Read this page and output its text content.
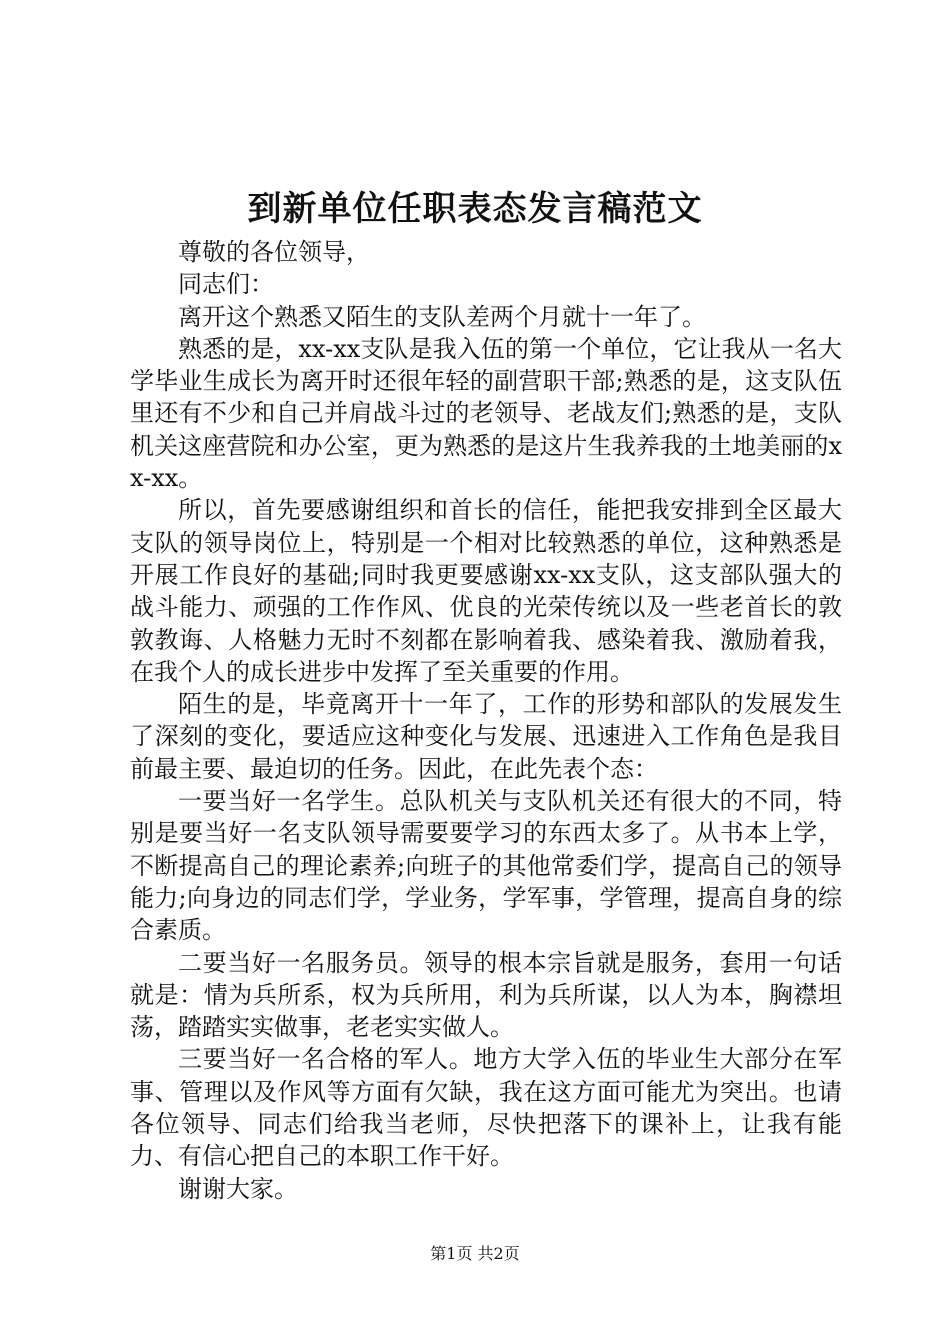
到新单位任职表态发言稿范文

尊敬的各位领导，

同志们：

离开这个熟悉又陌生的支队差两个月就十一年了。

熟悉的是，xx-xx支队是我入伍的第一个单位，它让我从一名大学毕业生成长为离开时还很年轻的副营职干部;熟悉的是，这支队伍里还有不少和自己并肩战斗过的老领导、老战友们;熟悉的是，支队机关这座营院和办公室，更为熟悉的是这片生我养我的土地美丽的xx-xx。

所以，首先要感谢组织和首长的信任，能把我安排到全区最大支队的领导岗位上，特别是一个相对比较熟悉的单位，这种熟悉是开展工作良好的基础;同时我更要感谢xx-xx支队，这支部队强大的战斗能力、顽强的工作作风、优良的光荣传统以及一些老首长的敦敦教诲、人格魅力无时不刻都在影响着我、感染着我、激励着我，在我个人的成长进步中发挥了至关重要的作用。

陌生的是，毕竟离开十一年了，工作的形势和部队的发展发生了深刻的变化，要适应这种变化与发展、迅速进入工作角色是我目前最主要、最迫切的任务。因此，在此先表个态：

一要当好一名学生。总队机关与支队机关还有很大的不同，特别是要当好一名支队领导需要要学习的东西太多了。从书本上学，不断提高自己的理论素养;向班子的其他常委们学，提高自己的领导能力;向身边的同志们学，学业务，学军事，学管理，提高自身的综合素质。

二要当好一名服务员。领导的根本宗旨就是服务，套用一句话就是：情为兵所系，权为兵所用，利为兵所谋，以人为本，胸襟坦荡，踏踏实实做事，老老实实做人。

三要当好一名合格的军人。地方大学入伍的毕业生大部分在军事、管理以及作风等方面有欠缺，我在这方面可能尤为突出。也请各位领导、同志们给我当老师，尽快把落下的课补上，让我有能力、有信心把自己的本职工作干好。

谢谢大家。

第1页 共2页
